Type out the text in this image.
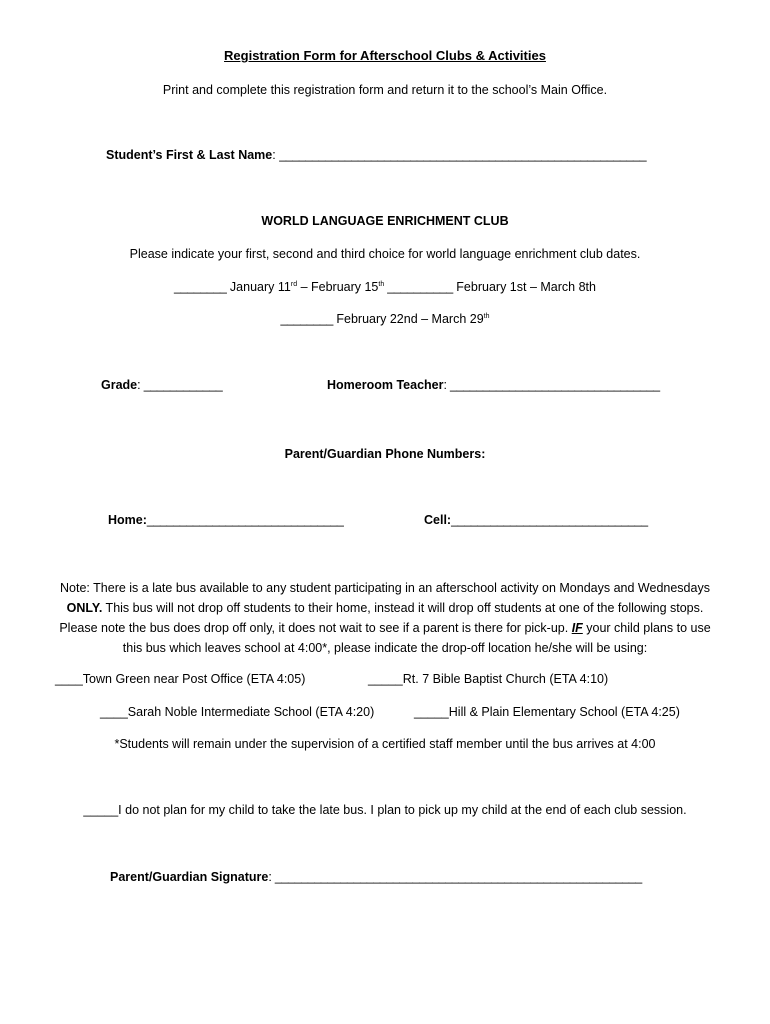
Registration Form for Afterschool Clubs & Activities
Print and complete this registration form and return it to the school’s Main Office.
Student’s First & Last Name: ________________________________________________________
WORLD LANGUAGE ENRICHMENT CLUB
Please indicate your first, second and third choice for world language enrichment club dates.
________ January 11rd – February 15th __________ February 1st – March 8th
________ February 22nd – March 29th
Grade: ____________	Homeroom Teacher: ________________________________
Parent/Guardian Phone Numbers:
Home:______________________________	Cell:______________________________
Note: There is a late bus available to any student participating in an afterschool activity on Mondays and Wednesdays
ONLY. This bus will not drop off students to their home, instead it will drop off students at one of the following stops.
Please note the bus does drop off only, it does not wait to see if a parent is there for pick-up. IF your child plans to use
this bus which leaves school at 4:00*, please indicate the drop-off location he/she will be using:
____Town Green near Post Office (ETA 4:05)	_____Rt. 7 Bible Baptist Church (ETA 4:10)
____Sarah Noble Intermediate School (ETA 4:20)	_____Hill & Plain Elementary School (ETA 4:25)
*Students will remain under the supervision of a certified staff member until the bus arrives at 4:00
_____I do not plan for my child to take the late bus. I plan to pick up my child at the end of each club session.
Parent/Guardian Signature: ________________________________________________________
